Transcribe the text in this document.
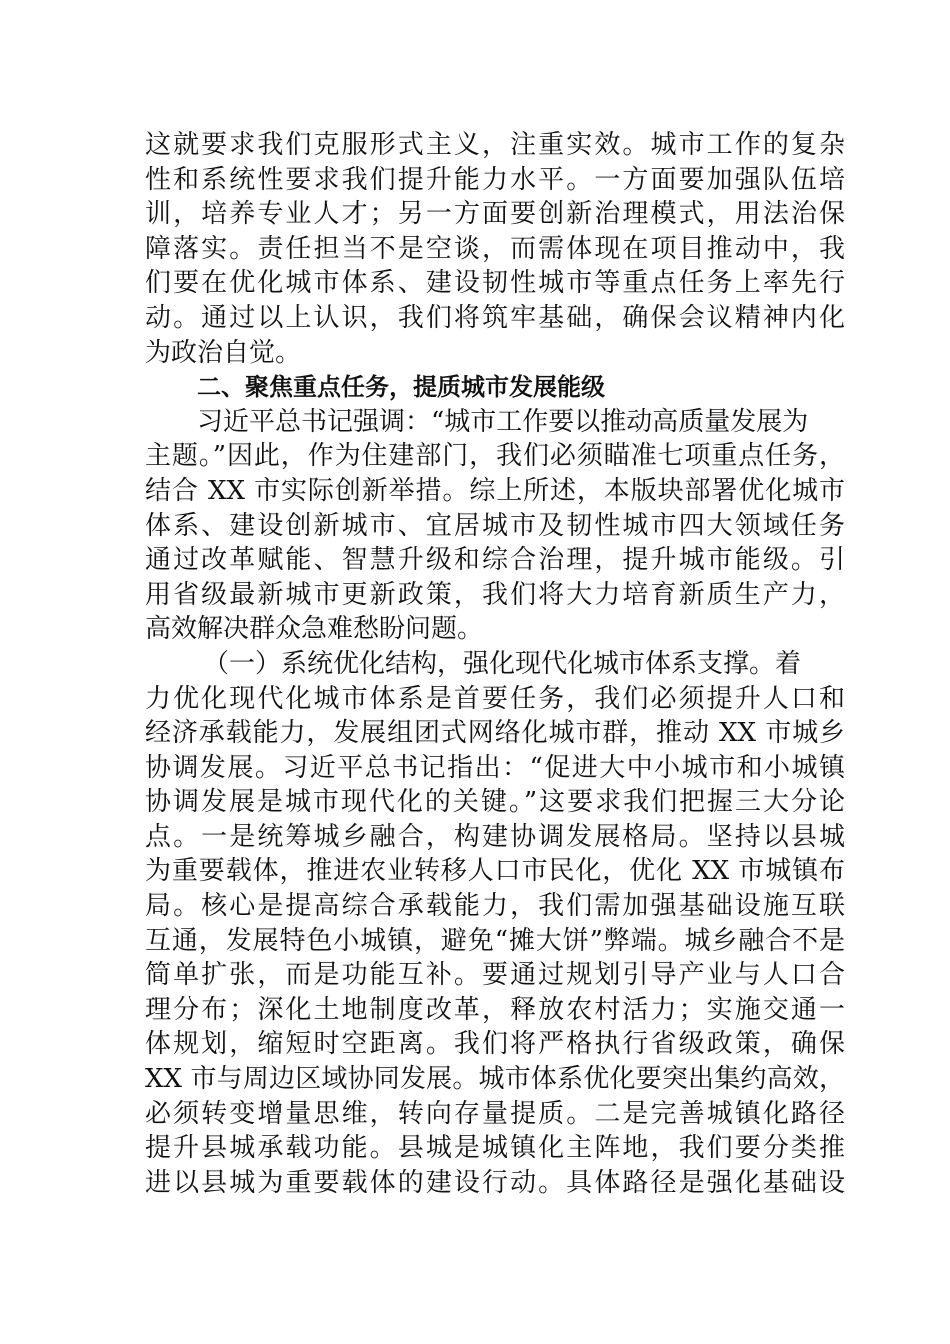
这就要求我们克服形式主义，注重实效。城市工作的复杂
性和系统性要求我们提升能力水平。一方面要加强队伍培
训，培养专业人才；另一方面要创新治理模式，用法治保
障落实。责任担当不是空谈，而需体现在项目推动中，我
们要在优化城市体系、建设韧性城市等重点任务上率先行
动。通过以上认识，我们将筑牢基础，确保会议精神内化
为政治自觉。
二、聚焦重点任务，提质城市发展能级
习近平总书记强调：“城市工作要以推动高质量发展为
主题。”因此，作为住建部门，我们必须瞄准七项重点任务，
结合 XX 市实际创新举措。综上所述，本版块部署优化城市
体系、建设创新城市、宜居城市及韧性城市四大领域任务
通过改革赋能、智慧升级和综合治理，提升城市能级。引
用省级最新城市更新政策，我们将大力培育新质生产力，
高效解决群众急难愁盼问题。
（一）系统优化结构，强化现代化城市体系支撑。着
力优化现代化城市体系是首要任务，我们必须提升人口和
经济承载能力，发展组团式网络化城市群，推动 XX 市城乡
协调发展。习近平总书记指出：“促进大中小城市和小城镇
协调发展是城市现代化的关键。”这要求我们把握三大分论
点。一是统筹城乡融合，构建协调发展格局。坚持以县城
为重要载体，推进农业转移人口市民化，优化 XX 市城镇布
局。核心是提高综合承载能力，我们需加强基础设施互联
互通，发展特色小城镇，避免“摊大饼”弊端。城乡融合不是
简单扩张，而是功能互补。要通过规划引导产业与人口合
理分布；深化土地制度改革，释放农村活力；实施交通一
体规划，缩短时空距离。我们将严格执行省级政策，确保
XX 市与周边区域协同发展。城市体系优化要突出集约高效，
必须转变增量思维，转向存量提质。二是完善城镇化路径
提升县城承载功能。县城是城镇化主阵地，我们要分类推
进以县城为重要载体的建设行动。具体路径是强化基础设
